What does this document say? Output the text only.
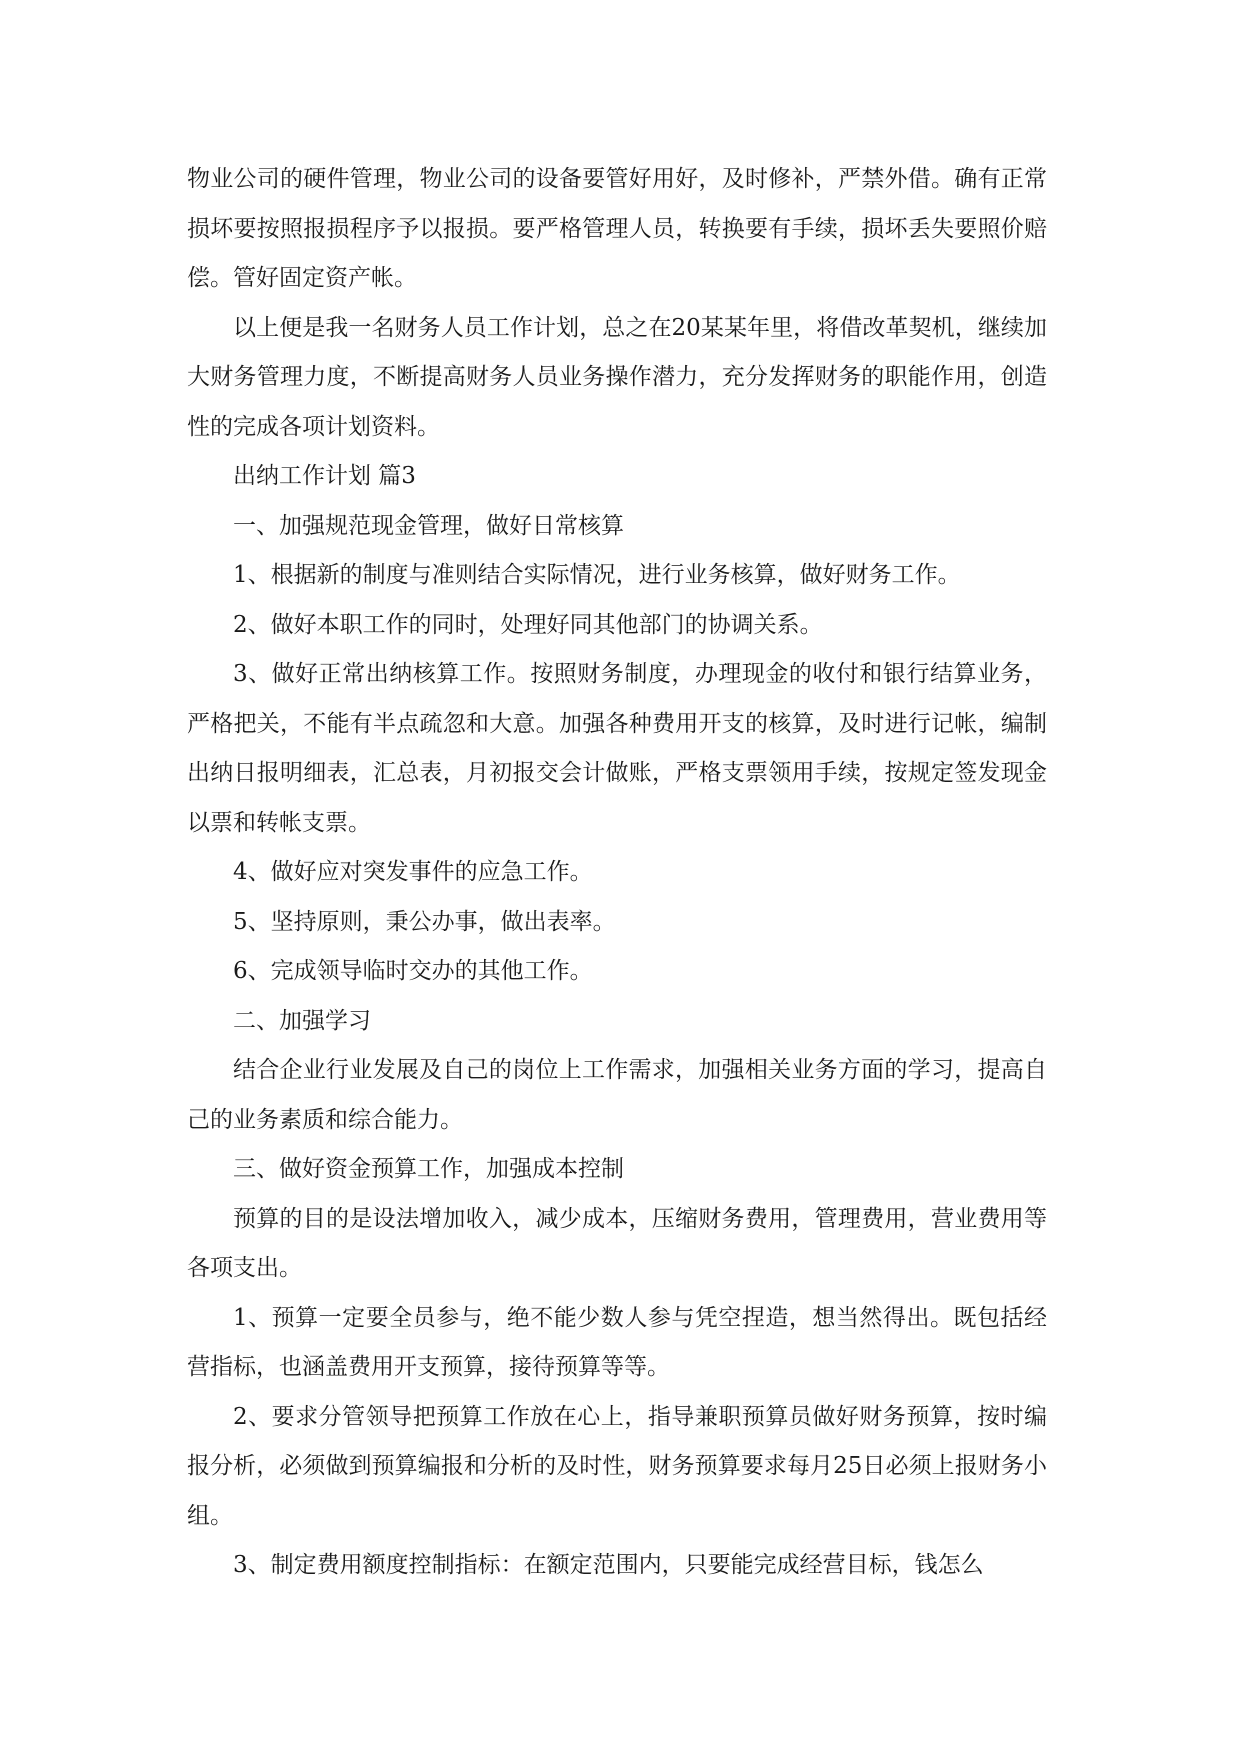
物业公司的硬件管理，物业公司的设备要管好用好，及时修补，严禁外借。确有正常损坏要按照报损程序予以报损。要严格管理人员，转换要有手续，损坏丢失要照价赔偿。管好固定资产帐。

以上便是我一名财务人员工作计划，总之在20某某年里，将借改革契机，继续加大财务管理力度，不断提高财务人员业务操作潜力，充分发挥财务的职能作用，创造性的完成各项计划资料。

出纳工作计划 篇3

一、加强规范现金管理，做好日常核算

1、根据新的制度与准则结合实际情况，进行业务核算，做好财务工作。

2、做好本职工作的同时，处理好同其他部门的协调关系。

3、做好正常出纳核算工作。按照财务制度，办理现金的收付和银行结算业务，严格把关，不能有半点疏忽和大意。加强各种费用开支的核算，及时进行记帐，编制出纳日报明细表，汇总表，月初报交会计做账，严格支票领用手续，按规定签发现金以票和转帐支票。

4、做好应对突发事件的应急工作。

5、坚持原则，秉公办事，做出表率。

6、完成领导临时交办的其他工作。

二、加强学习

结合企业行业发展及自己的岗位上工作需求，加强相关业务方面的学习，提高自己的业务素质和综合能力。

三、做好资金预算工作，加强成本控制

预算的目的是设法增加收入，减少成本，压缩财务费用，管理费用，营业费用等各项支出。

1、预算一定要全员参与，绝不能少数人参与凭空捏造，想当然得出。既包括经营指标，也涵盖费用开支预算，接待预算等等。

2、要求分管领导把预算工作放在心上，指导兼职预算员做好财务预算，按时编报分析，必须做到预算编报和分析的及时性，财务预算要求每月25日必须上报财务小组。

3、制定费用额度控制指标：在额定范围内，只要能完成经营目标，钱怎么
